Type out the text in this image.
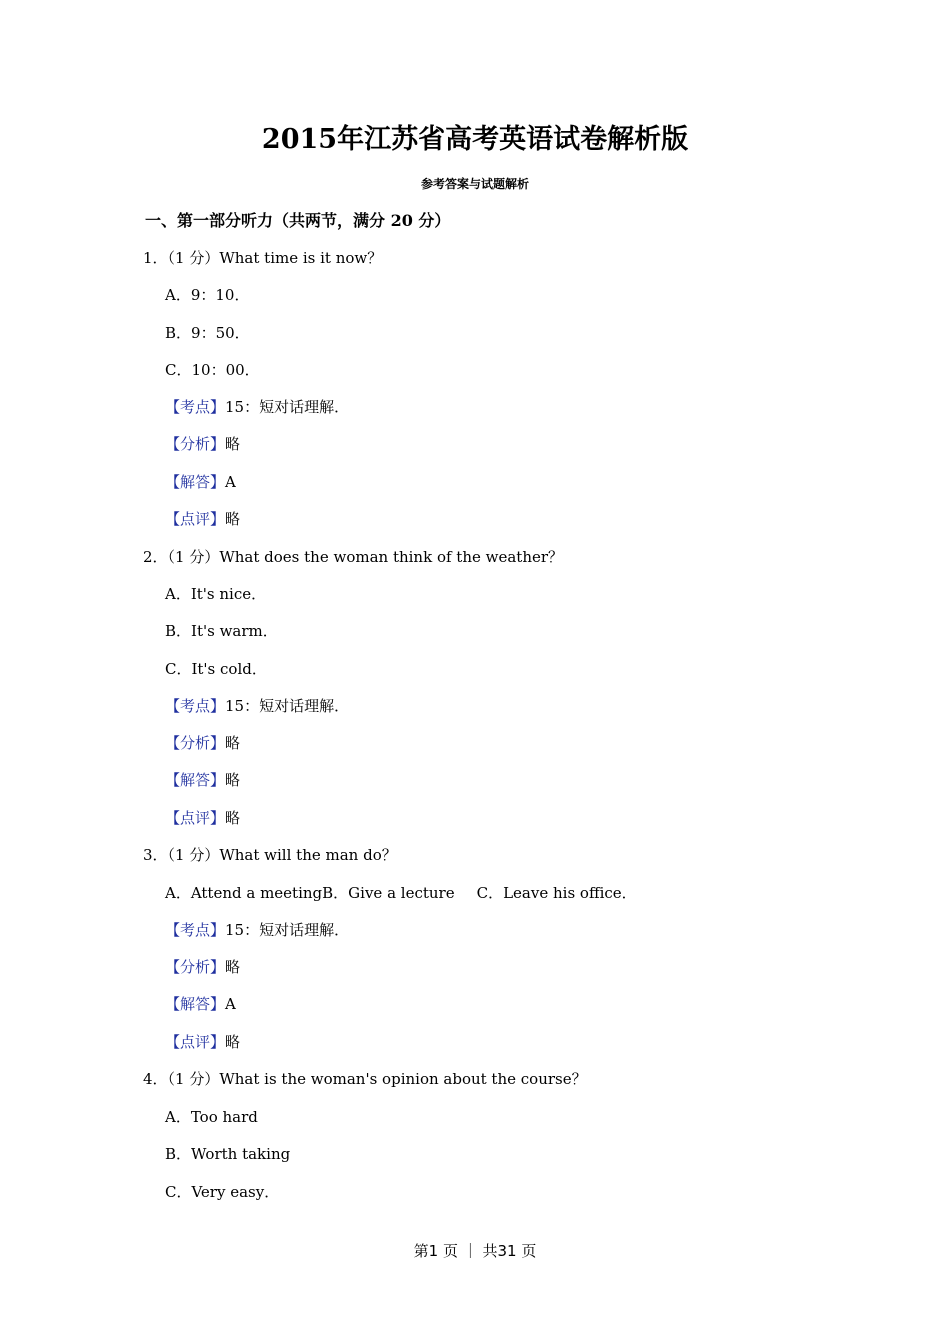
2015年江苏省高考英语试卷解析版
参考答案与试题解析
一、第一部分听力（共两节，满分 20 分）
1．（1 分）What time is it now？
A．9：10．
B．9：50．
C．10：00．
【考点】15：短对话理解．
【分析】略
【解答】A
【点评】略
2．（1 分）What does the woman think of the weather？
A．It's nice．
B．It's warm．
C．It's cold．
【考点】15：短对话理解．
【分析】略
【解答】略
【点评】略
3．（1 分）What will the man do？
A．Attend a meetingB．Give a lecture C．Leave his office．
【考点】15：短对话理解．
【分析】略
【解答】A
【点评】略
4．（1 分）What is the woman's opinion about the course？
A．Too hard
B．Worth taking
C．Very easy．
第1 页 ｜ 共31 页
